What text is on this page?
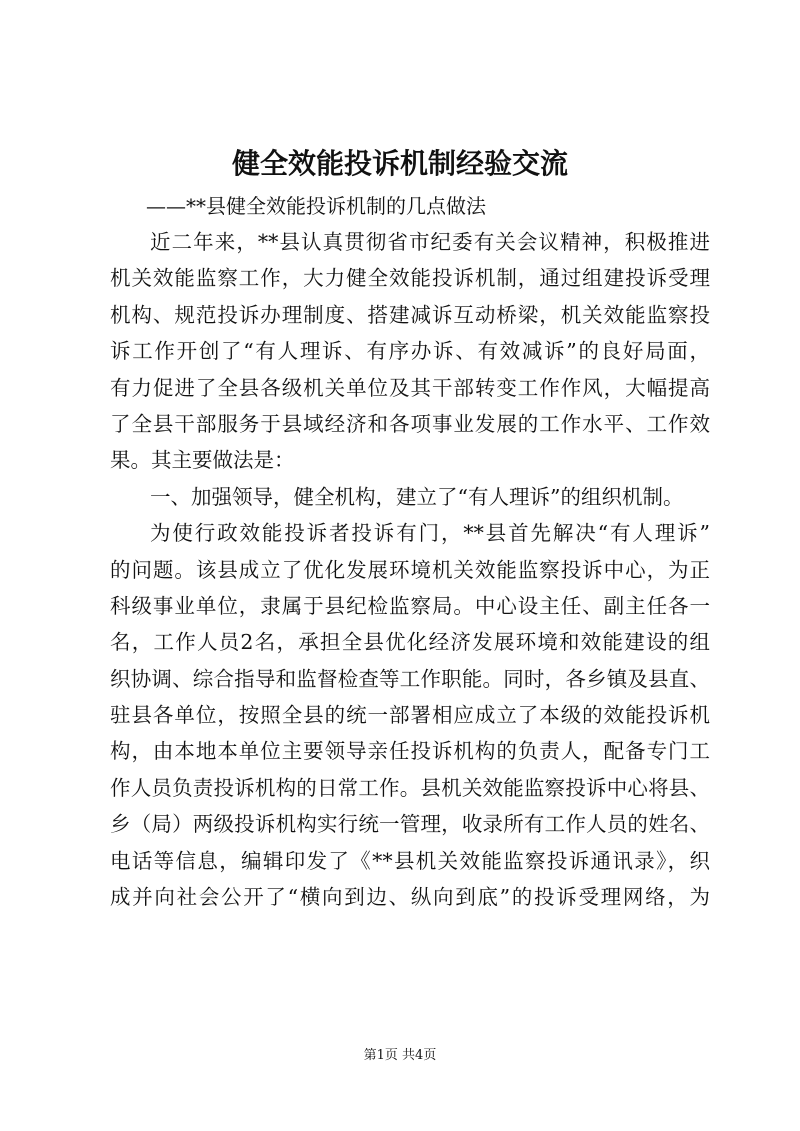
健全效能投诉机制经验交流
——**县健全效能投诉机制的几点做法
近二年来，**县认真贯彻省市纪委有关会议精神，积极推进
机关效能监察工作，大力健全效能投诉机制，通过组建投诉受理
机构、规范投诉办理制度、搭建减诉互动桥梁，机关效能监察投
诉工作开创了“有人理诉、有序办诉、有效减诉”的良好局面，
有力促进了全县各级机关单位及其干部转变工作作风，大幅提高
了全县干部服务于县域经济和各项事业发展的工作水平、工作效
果。其主要做法是：
一、加强领导，健全机构，建立了“有人理诉”的组织机制。
为使行政效能投诉者投诉有门，**县首先解决“有人理诉”
的问题。该县成立了优化发展环境机关效能监察投诉中心，为正
科级事业单位，隶属于县纪检监察局。中心设主任、副主任各一
名，工作人员2名，承担全县优化经济发展环境和效能建设的组
织协调、综合指导和监督检查等工作职能。同时，各乡镇及县直、
驻县各单位，按照全县的统一部署相应成立了本级的效能投诉机
构，由本地本单位主要领导亲任投诉机构的负责人，配备专门工
作人员负责投诉机构的日常工作。县机关效能监察投诉中心将县、
乡（局）两级投诉机构实行统一管理，收录所有工作人员的姓名、
电话等信息，编辑印发了《**县机关效能监察投诉通讯录》，织
成并向社会公开了“横向到边、纵向到底”的投诉受理网络，为
第1页 共4页
